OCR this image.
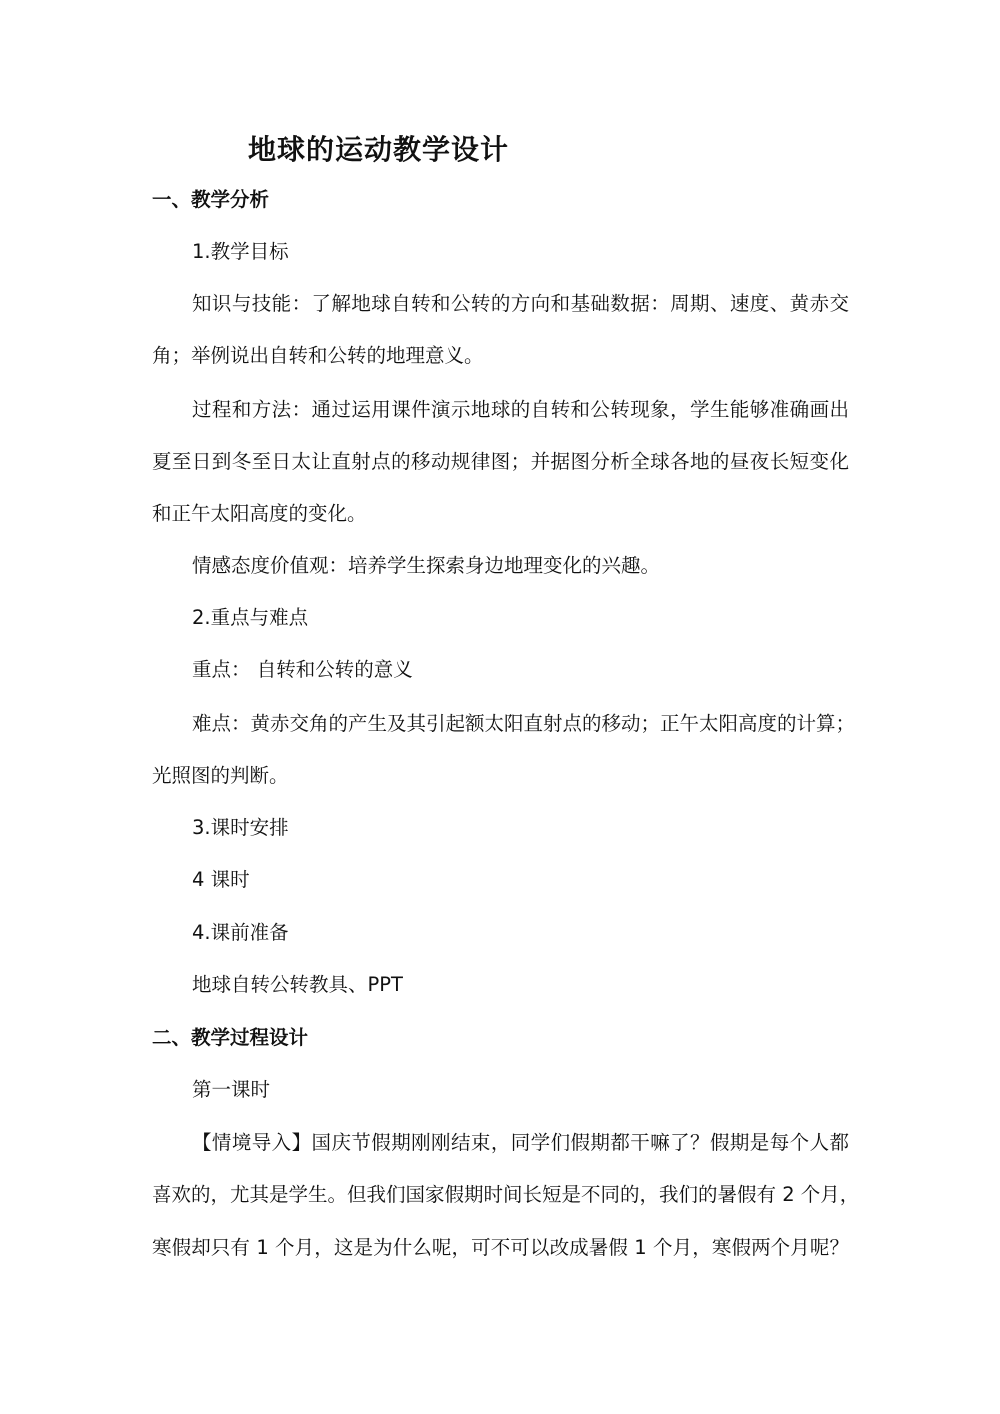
地球的运动教学设计

一、教学分析

1.教学目标

知识与技能：了解地球自转和公转的方向和基础数据：周期、速度、黄赤交

角；举例说出自转和公转的地理意义。

过程和方法：通过运用课件演示地球的自转和公转现象，学生能够准确画出

夏至日到冬至日太让直射点的移动规律图；并据图分析全球各地的昼夜长短变化

和正午太阳高度的变化。

情感态度价值观：培养学生探索身边地理变化的兴趣。

2.重点与难点

重点： 自转和公转的意义

难点：黄赤交角的产生及其引起额太阳直射点的移动；正午太阳高度的计算；

光照图的判断。

3.课时安排

4 课时

4.课前准备

地球自转公转教具、PPT

二、教学过程设计

第一课时

【情境导入】国庆节假期刚刚结束，同学们假期都干嘛了？假期是每个人都

喜欢的，尤其是学生。但我们国家假期时间长短是不同的，我们的暑假有 2 个月，

寒假却只有 1 个月，这是为什么呢，可不可以改成暑假 1 个月，寒假两个月呢？
